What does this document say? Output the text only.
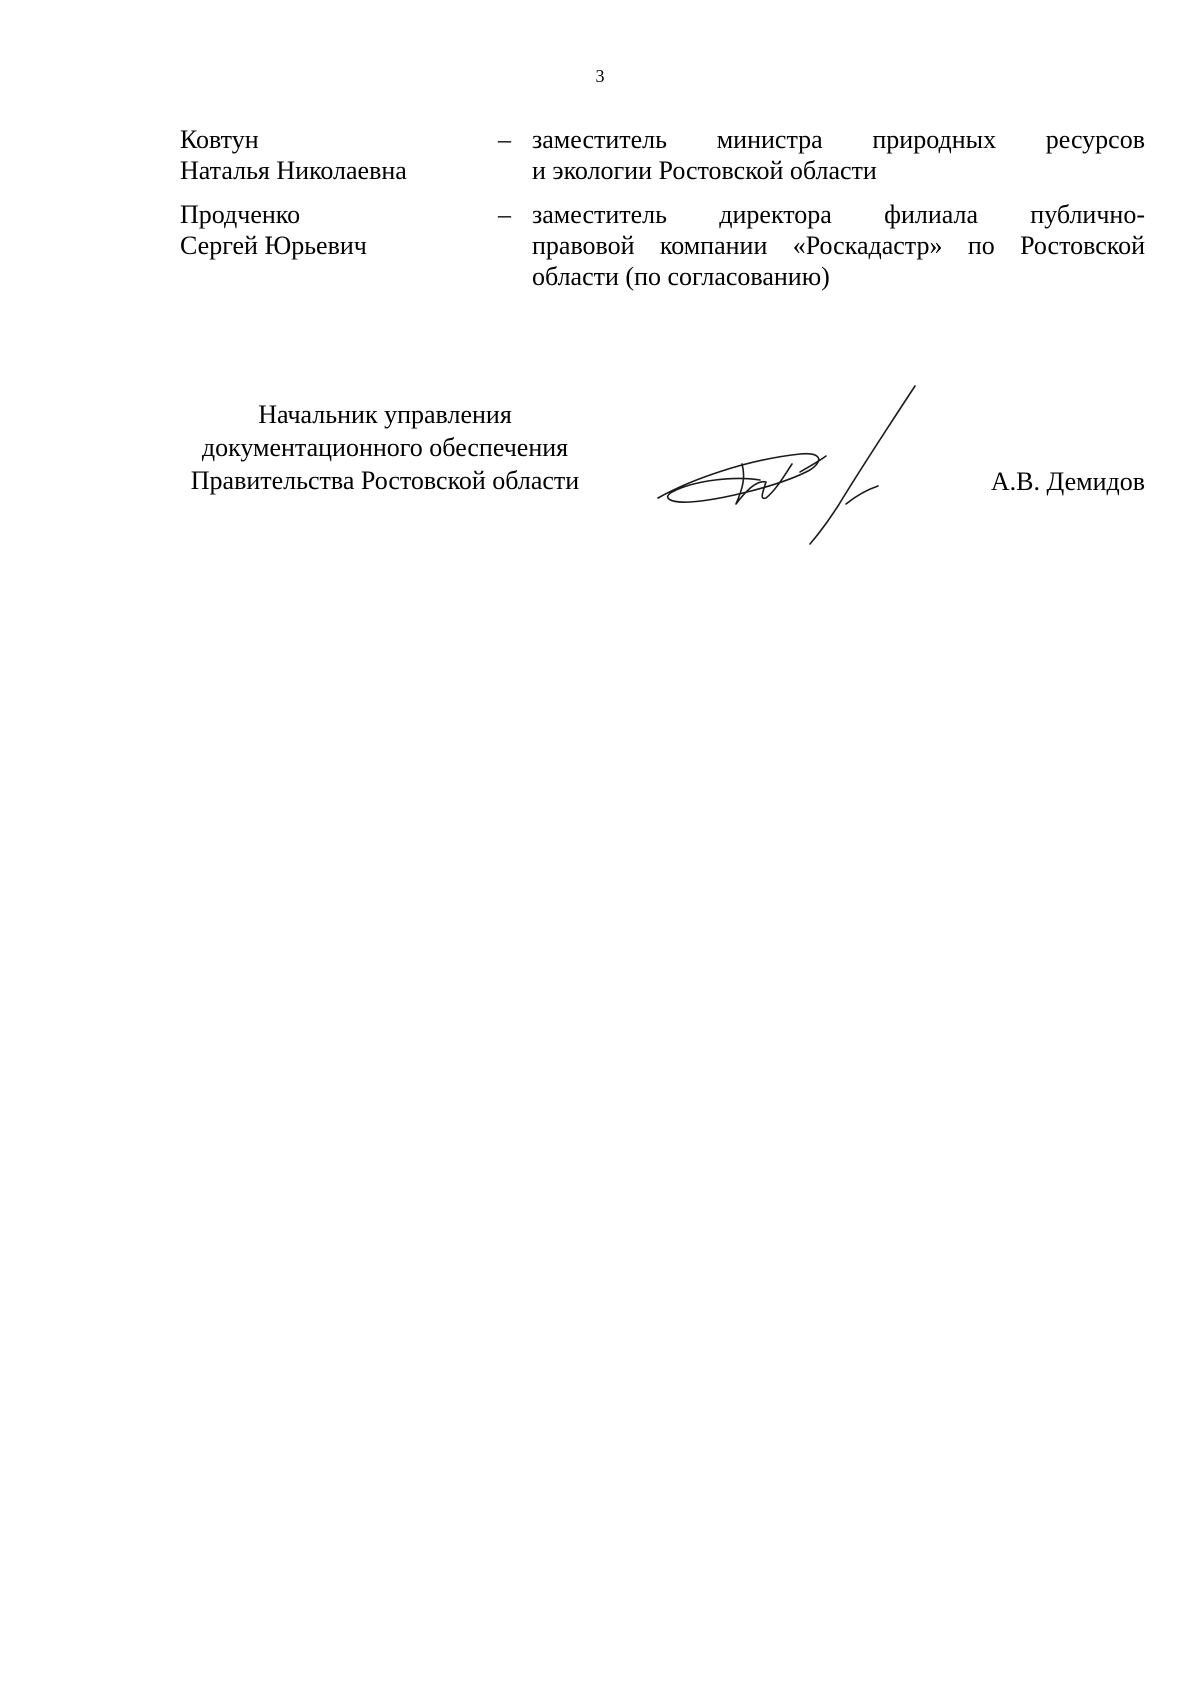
3
Ковтун
Наталья Николаевна
– заместитель министра природных ресурсов
и экологии Ростовской области
Продченко
Сергей Юрьевич
– заместитель директора филиала публично-
правовой компании «Роскадастр» по Ростовской
области (по согласованию)
Начальник управления
документационного обеспечения
Правительства Ростовской области	А.В. Демидов
